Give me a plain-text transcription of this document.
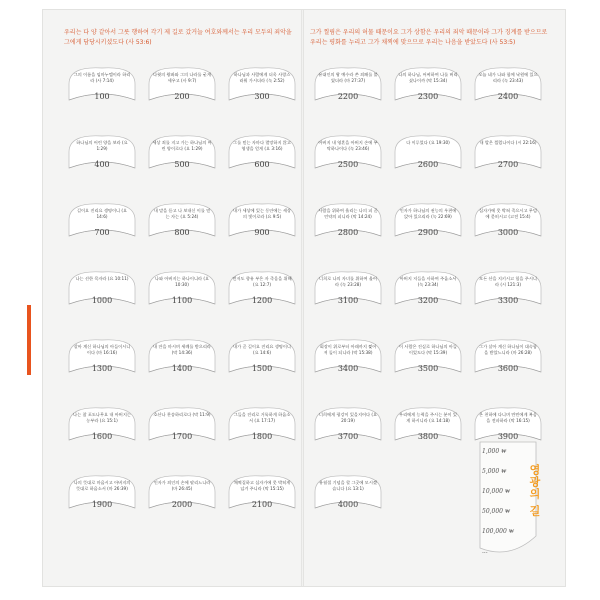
우리는 다 양 같아서 그릇 행하여 각기 제 길로 갔거늘 여호와께서는 우리 모두의 죄악을 그에게 담당시키셨도다 (사 53:6)
그의 이름을 임마누엘이라 하리라 (사 7:14)
100
다윗의 왕좌와 그의 나라를 굳게 세우고 (사 9:7)
200
하나님과 사람에게 더욱 사랑스러워 가시더라 (눅 2:52)
300
하나님의 어린 양을 보라 (요 1:29)
400
세상 죄를 지고 가는 하나님의 어린 양이로다 (요 1:29)
500
그를 믿는 자마다 멸망하지 않고 영생을 얻게 (요 3:16)
600
길이요 진리요 생명이니 (요 14:6)
700
내 말을 듣고 나 보내신 이를 믿는 자는 (요 5:24)
800
내가 세상에 있는 동안에는 세상의 빛이로라 (요 9:5)
900
나는 선한 목자라 (요 10:11)
1000
나와 아버지는 하나이니라 (요 10:30)
1100
먼저도 향유 부은 자 죽음을 위해 (요 12:7)
1200
살아 계신 하나님의 아들이시니이다 (마 16:16)
1300
내 잔을 마시며 세례를 받으리라 (막 14:36)
1400
내가 곧 길이요 진리요 생명이니 (요 14:6)
1500
나는 참 포도나무요 내 아버지는 농부라 (요 15:1)
1600
호산나 찬송하리로다 (막 11:9)
1700
그들을 진리로 거룩하게 하옵소서 (요 17:17)
1800
나의 뜻대로 마옵시고 아버지의 뜻대로 하옵소서 (마 26:39)
1900
인자가 죄인의 손에 팔리느니라 (마 26:45)
2000
채찍질하고 십자가에 못 박히게 넘겨 주니라 (막 15:15)
2100
그가 찔림은 우리의 허물 때문이요 그가 상함은 우리의 죄악 때문이라 그가 징계를 받으므로 우리는 평화를 누리고 그가 채찍에 맞으므로 우리는 나음을 받았도다 (사 53:5)
유대인의 왕 예수라 쓴 죄패를 붙였더라 (마 27:37)
2200
나의 하나님, 어찌하여 나를 버리셨나이까 (막 15:34)
2300
오늘 네가 나와 함께 낙원에 있으리라 (눅 23:43)
2400
아버지 내 영혼을 아버지 손에 부탁하나이다 (눅 23:46)
2500
다 이루었다 (요 19:30)
2600
내 발은 찔렀나이다 (시 22:16)
2700
사람을 위하여 율리는 나의 피 곧 언약의 피니라 (막 14:24)
2800
인자가 하나님의 권능의 우편에 앉아 있으리라 (눅 22:69)
2900
십자가에 못 박혀 죽으시고 무덤에 묻히시고 (고전 15:4)
3000
너희로 나의 자녀를 위하여 울어라 (눅 23:28)
3100
아버지 저들을 사하여 주옵소서 (눅 23:34)
3200
모든 산을 지키시고 힘을 주시니라 (시 121:3)
3300
회장이 위로부터 아래까지 찢어져 둘이 되니라 (막 15:38)
3400
이 사람은 진실로 하나님의 아들이었도다 (막 15:39)
3500
그가 살아 계신 하나님이 대속함을 받았느니라 (마 26:28)
3600
너희에게 평강이 있을지어다 (요 20:19)
3700
우리에게 능력을 주시는 분이 있게 하시니라 (요 14:18)
3800
온 천하에 다니며 만민에게 복음을 전파하라 (막 16:15)
3900
유월절 기념을 할 그곳에 모시겠습니다 (요 13:1)
4000
1,000 ₩
5,000 ₩
10,000 ₩
50,000 ₩
100,000 ₩
...
영광의 길
